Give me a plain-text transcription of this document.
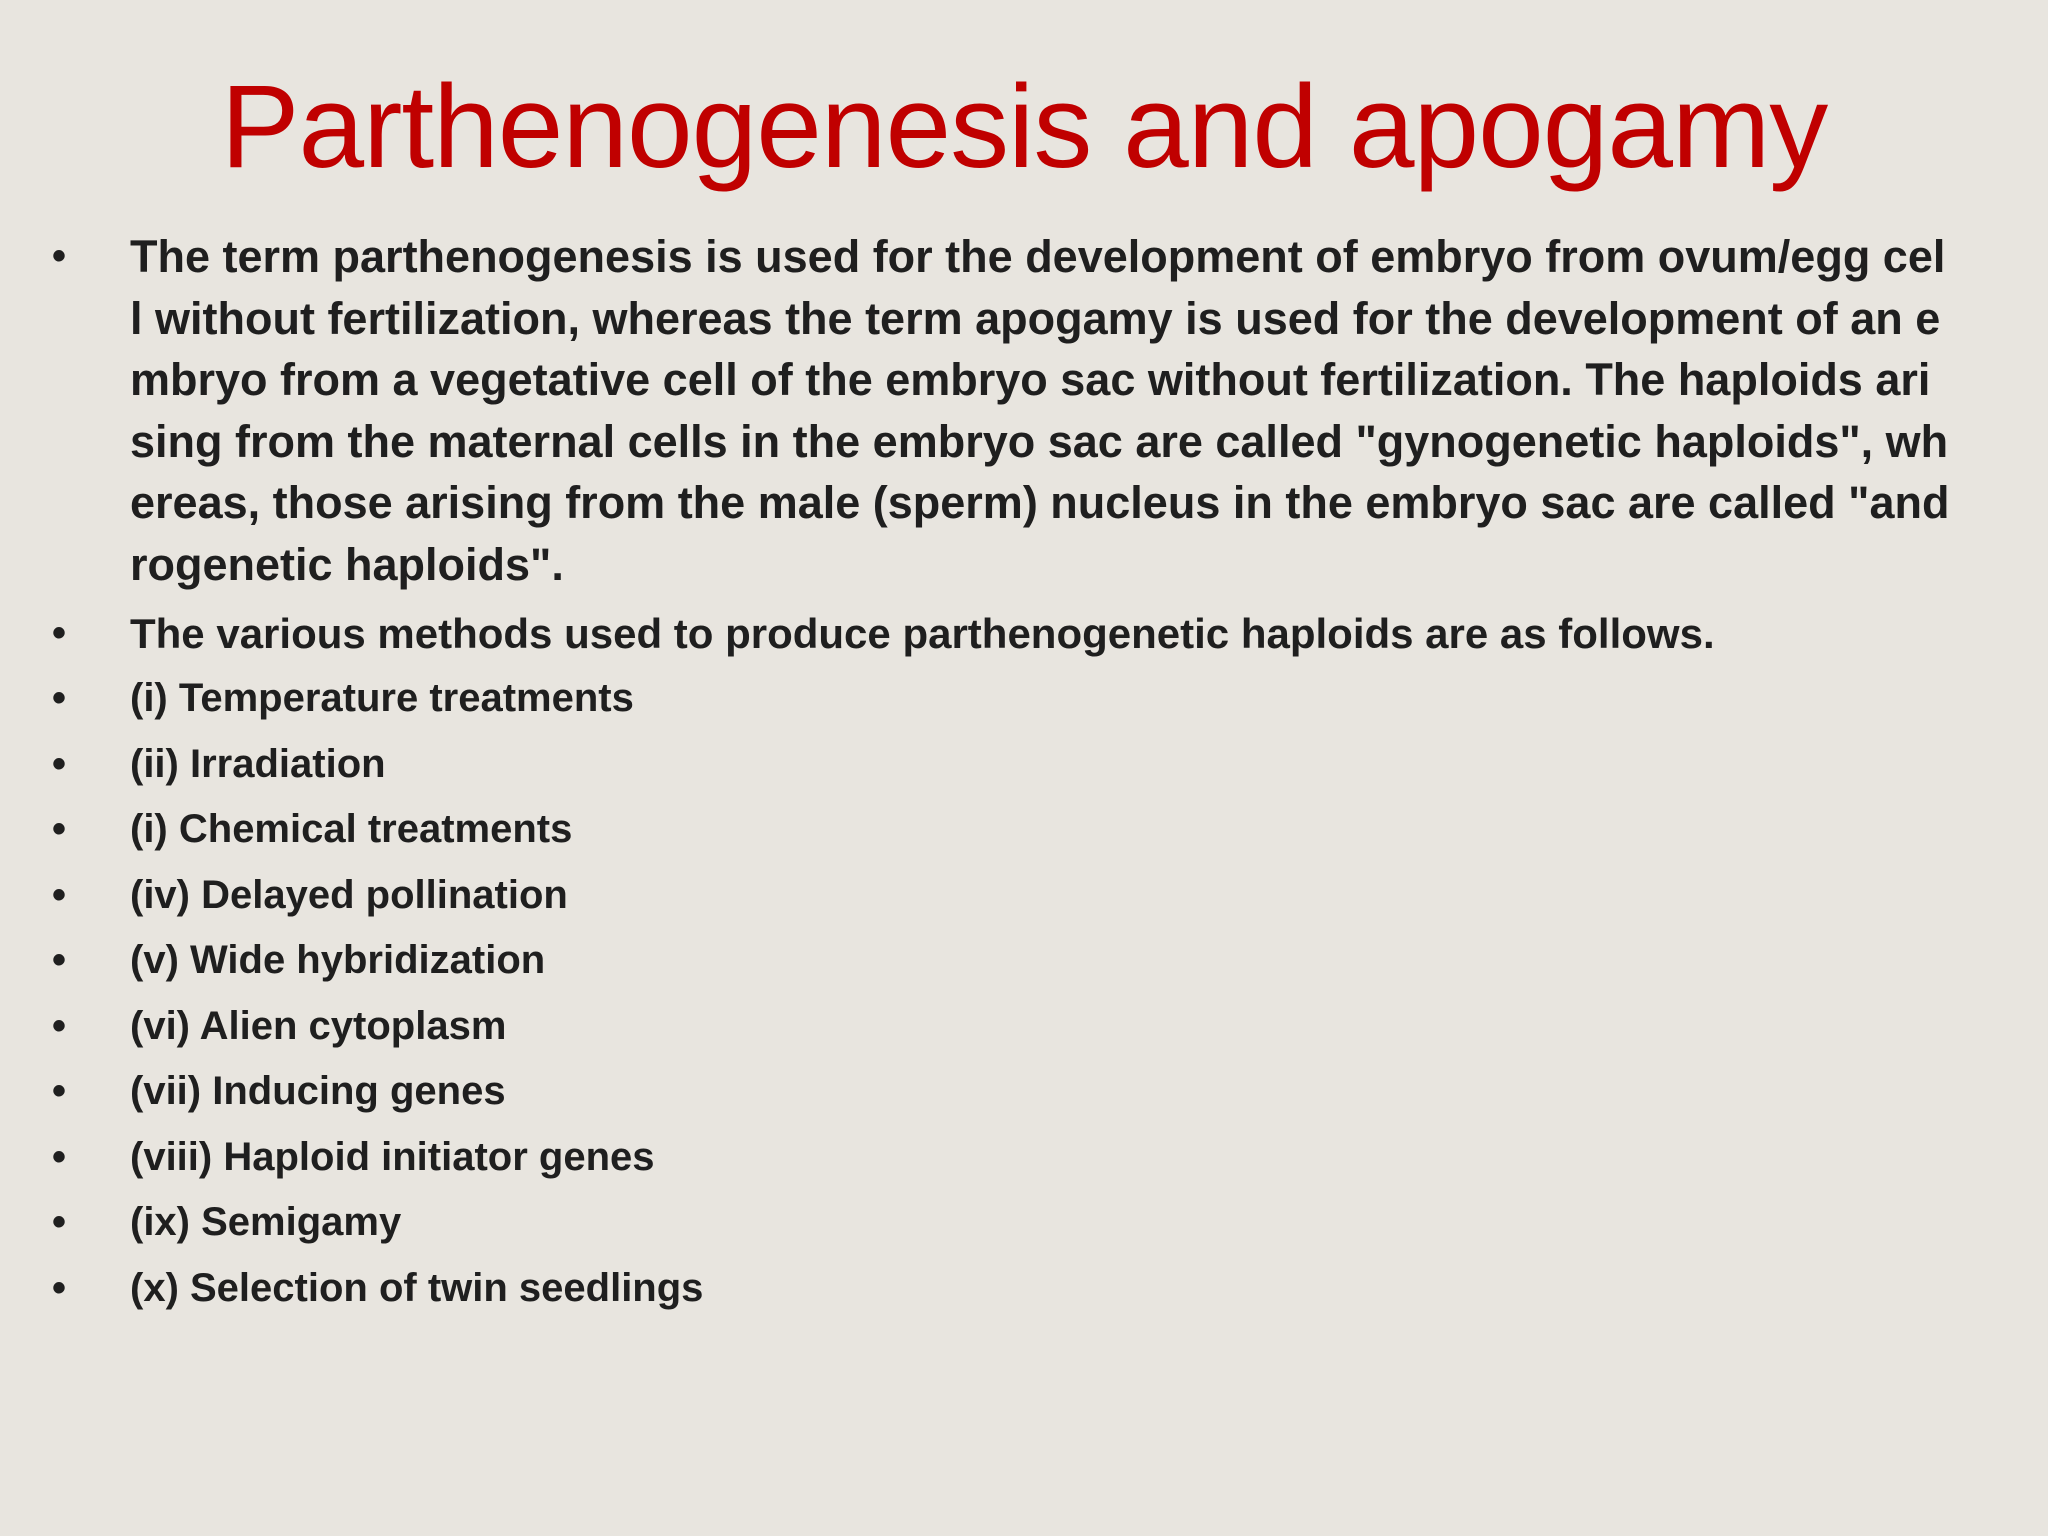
Parthenogenesis and apogamy
• The term parthenogenesis is used for the development of embryo from ovum/egg cell without fertilization, whereas the term apogamy is used for the development of an embryo from a vegetative cell of the embryo sac without fertilization. The haploids arising from the maternal cells in the embryo sac are called "gynogenetic haploids", whereas, those arising from the male (sperm) nucleus in the embryo sac are called "androgenetic haploids".
• The various methods used to produce parthenogenetic haploids are as follows.
• (i) Temperature treatments
• (ii) Irradiation
• (i) Chemical treatments
• (iv) Delayed pollination
• (v) Wide hybridization
• (vi) Alien cytoplasm
• (vii) Inducing genes
• (viii) Haploid initiator genes
• (ix) Semigamy
• (x) Selection of twin seedlings
